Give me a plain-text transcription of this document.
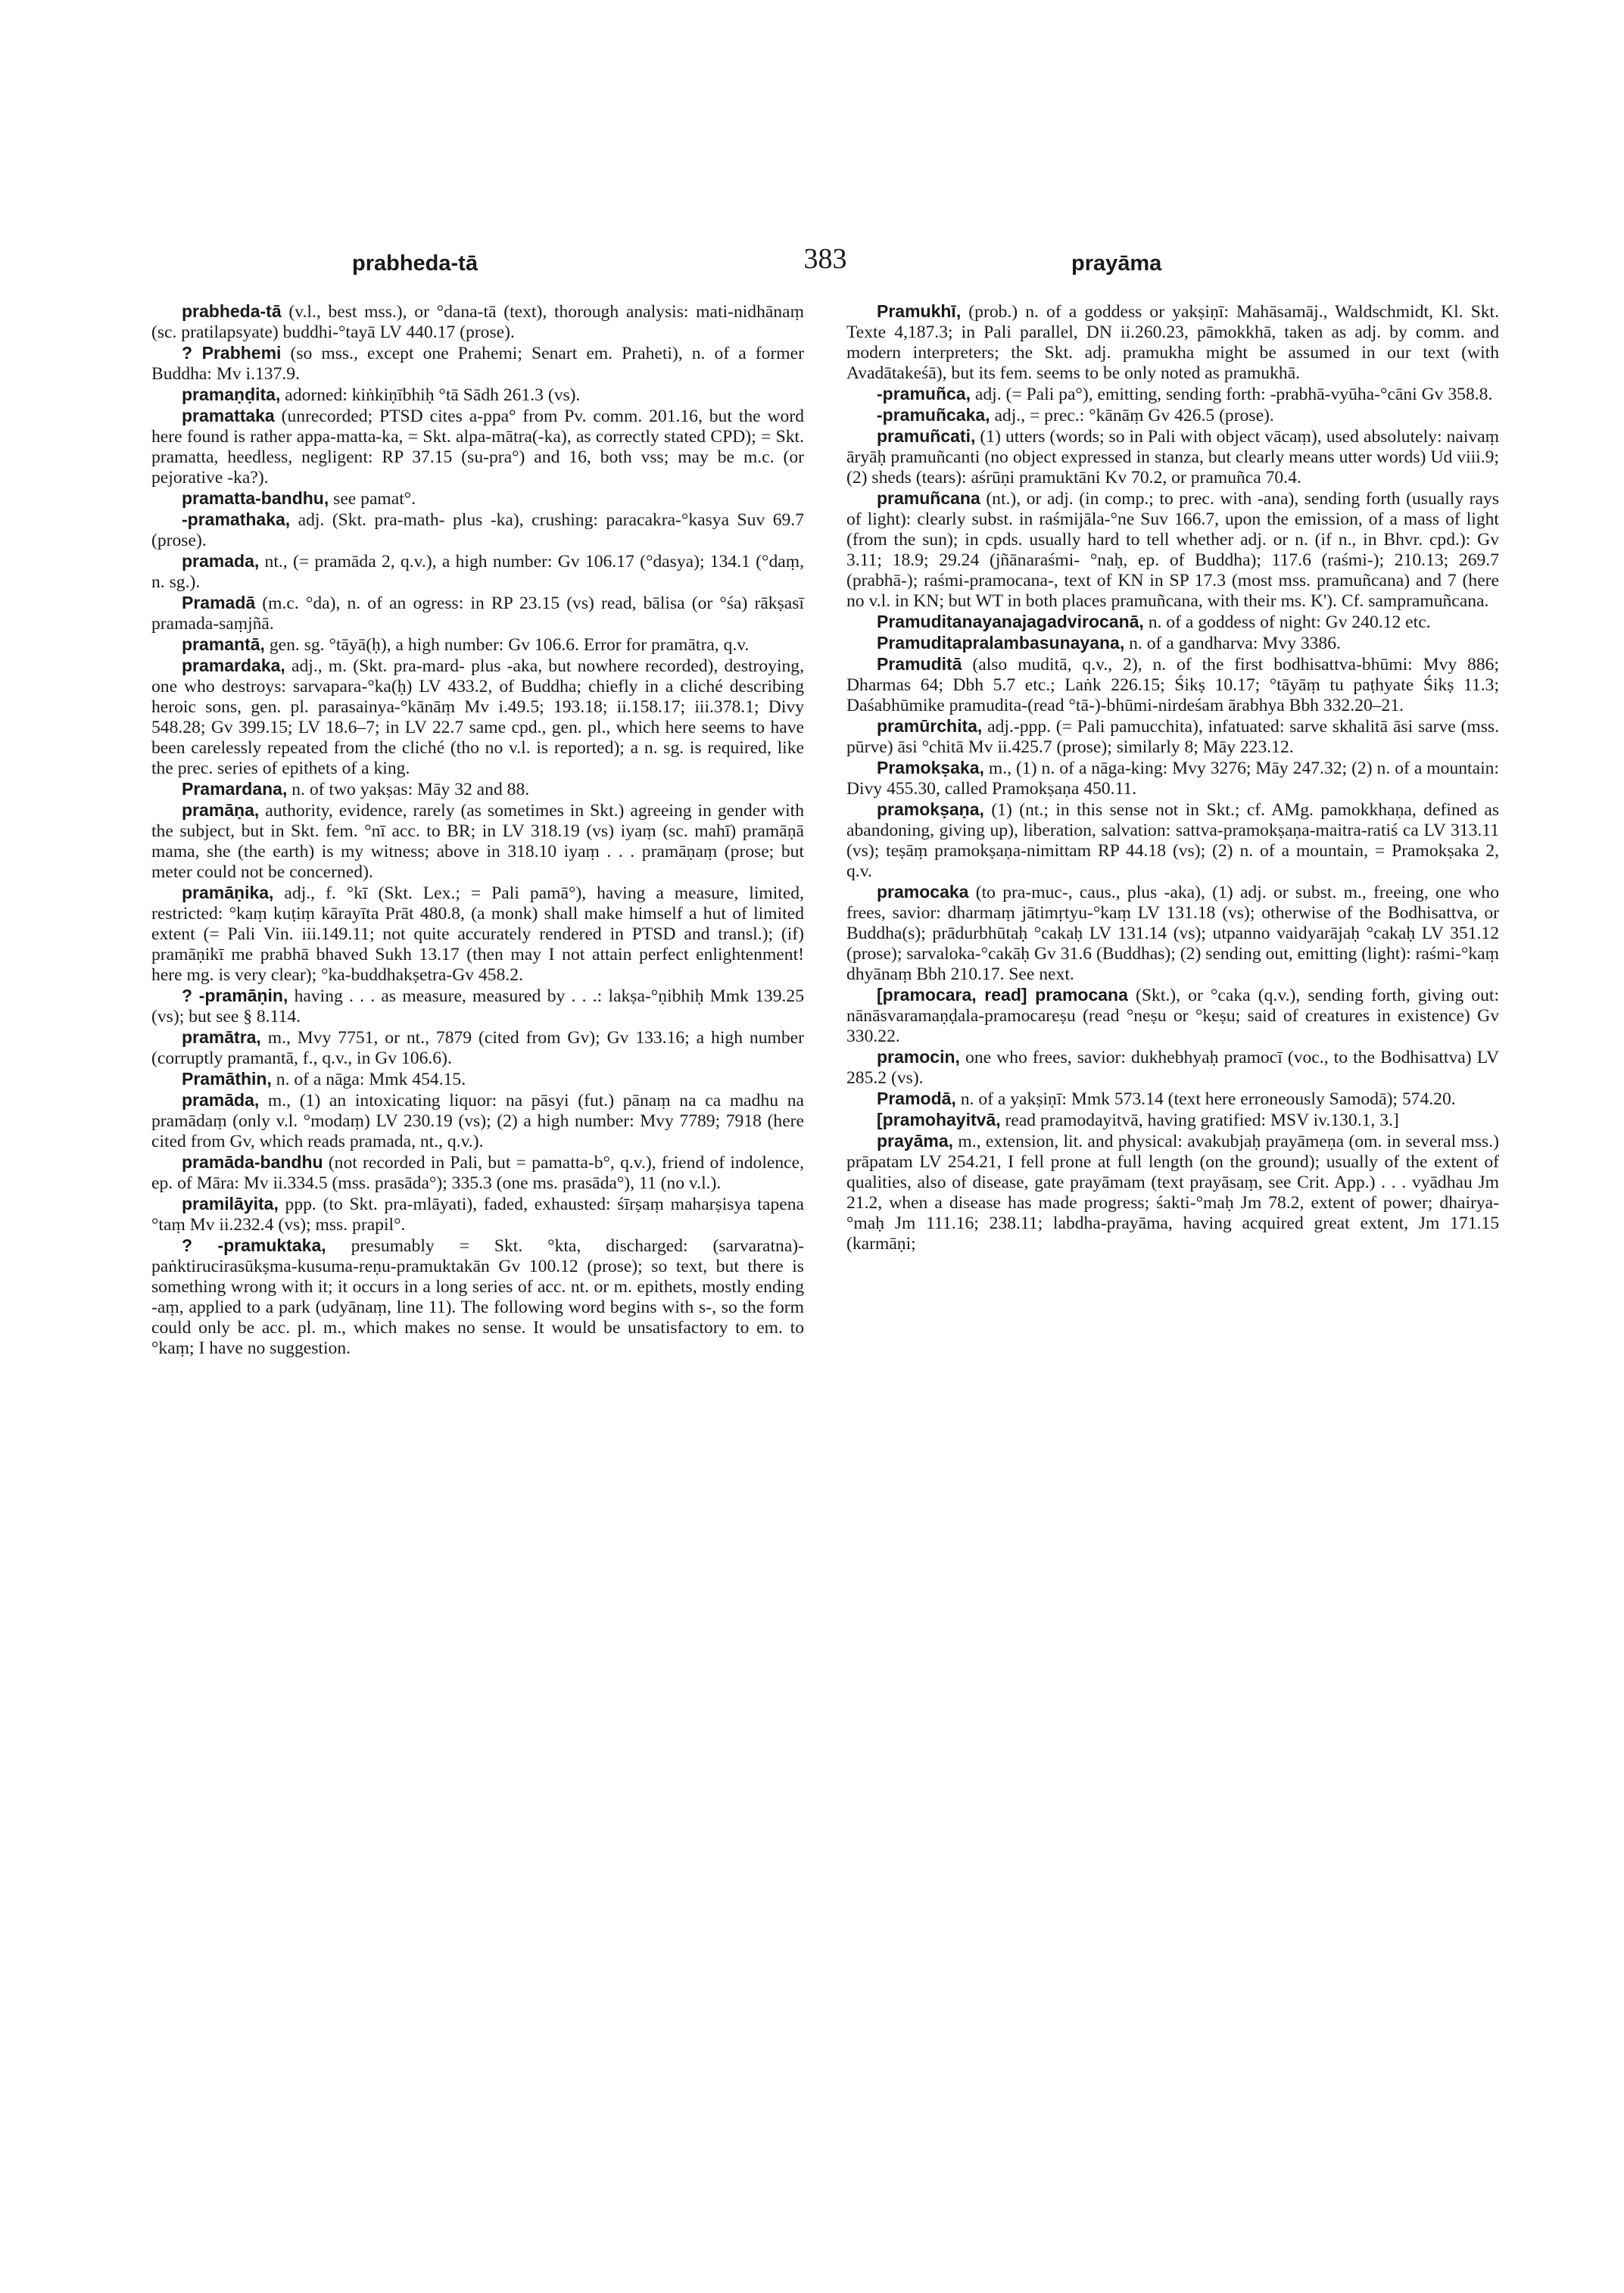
prabheda-tā	383	prayāma

prabheda-tā (v.l., best mss.), or °dana-tā (text), thorough analysis: mati-nidhānaṃ (sc. pratilapsyate) buddhi-°tayā LV 440.17 (prose).

? Prabhemi (so mss., except one Prahemi; Senart em. Praheti), n. of a former Buddha: Mv i.137.9.

pramaṇḍita, adorned: kiṅkiṇībhiḥ °tā Sādh 261.3 (vs).

pramattaka (unrecorded; PTSD cites a-ppa° from Pv. comm. 201.16, but the word here found is rather appa-matta-ka, = Skt. alpa-mātra(-ka), as correctly stated CPD); = Skt. pramatta, heedless, negligent: RP 37.15 (su-pra°) and 16, both vss; may be m.c. (or pejorative -ka?).

pramatta-bandhu, see pamat°.

-pramathaka, adj. (Skt. pra-math- plus -ka), crushing: paracakra-°kasya Suv 69.7 (prose).

pramada, nt., (= pramāda 2, q.v.), a high number: Gv 106.17 (°dasya); 134.1 (°daṃ, n. sg.).

Pramadā (m.c. °da), n. of an ogress: in RP 23.15 (vs) read, bālisa (or °śa) rākṣasī pramada-saṃjñā.

pramantā, gen. sg. °tāyā(ḥ), a high number: Gv 106.6. Error for pramātra, q.v.

pramardaka, adj., m. (Skt. pra-mard- plus -aka, but nowhere recorded), destroying, one who destroys: sarvapara-°ka(ḥ) LV 433.2, of Buddha; chiefly in a cliché describing heroic sons, gen. pl. parasainya-°kānāṃ Mv i.49.5; 193.18; ii.158.17; iii.378.1; Divy 548.28; Gv 399.15; LV 18.6–7; in LV 22.7 same cpd., gen. pl., which here seems to have been carelessly repeated from the cliché (tho no v.l. is reported); a n. sg. is required, like the prec. series of epithets of a king.

Pramardana, n. of two yakṣas: Māy 32 and 88.

pramāṇa, authority, evidence, rarely (as sometimes in Skt.) agreeing in gender with the subject, but in Skt. fem. °nī acc. to BR; in LV 318.19 (vs) iyaṃ (sc. mahī) pramāṇā mama, she (the earth) is my witness; above in 318.10 iyaṃ . . . pramāṇaṃ (prose; but meter could not be concerned).

pramāṇika, adj., f. °kī (Skt. Lex.; = Pali pamā°), having a measure, limited, restricted: °kaṃ kuṭiṃ kārayīta Prāt 480.8, (a monk) shall make himself a hut of limited extent (= Pali Vin. iii.149.11; not quite accurately rendered in PTSD and transl.); (if) pramāṇikī me prabhā bhaved Sukh 13.17 (then may I not attain perfect enlightenment! here mg. is very clear); °ka-buddhakṣetra-Gv 458.2.

? -pramāṇin, having . . . as measure, measured by . . .: lakṣa-°ṇibhiḥ Mmk 139.25 (vs); but see § 8.114.

pramātra, m., Mvy 7751, or nt., 7879 (cited from Gv); Gv 133.16; a high number (corruptly pramantā, f., q.v., in Gv 106.6).

Pramāthin, n. of a nāga: Mmk 454.15.

pramāda, m., (1) an intoxicating liquor: na pāsyi (fut.) pānaṃ na ca madhu na pramādaṃ (only v.l. °modaṃ) LV 230.19 (vs); (2) a high number: Mvy 7789; 7918 (here cited from Gv, which reads pramada, nt., q.v.).

pramāda-bandhu (not recorded in Pali, but = pamatta-b°, q.v.), friend of indolence, ep. of Māra: Mv ii.334.5 (mss. prasāda°); 335.3 (one ms. prasāda°), 11 (no v.l.).

pramilāyita, ppp. (to Skt. pra-mlāyati), faded, exhausted: śīrṣaṃ maharṣisya tapena °taṃ Mv ii.232.4 (vs); mss. prapil°.

? -pramuktaka, presumably = Skt. °kta, discharged: (sarvaratna)-paṅktirucirasūkṣma-kusuma-reṇu-pramuktakān Gv 100.12 (prose); so text, but there is something wrong with it; it occurs in a long series of acc. nt. or m. epithets, mostly ending -aṃ, applied to a park (udyānaṃ, line 11). The following word begins with s-, so the form could only be acc. pl. m., which makes no sense. It would be unsatisfactory to em. to °kaṃ; I have no suggestion.

Pramukhī, (prob.) n. of a goddess or yakṣiṇī: Mahāsamāj., Waldschmidt, Kl. Skt. Texte 4,187.3; in Pali parallel, DN ii.260.23, pāmokkhā, taken as adj. by comm. and modern interpreters; the Skt. adj. pramukha might be assumed in our text (with Avadātakeśā), but its fem. seems to be only noted as pramukhā.

-pramuñca, adj. (= Pali pa°), emitting, sending forth: -prabhā-vyūha-°cāni Gv 358.8.

-pramuñcaka, adj., = prec.: °kānāṃ Gv 426.5 (prose).

pramuñcati, (1) utters (words; so in Pali with object vācaṃ), used absolutely: naivaṃ āryāḥ pramuñcanti (no object expressed in stanza, but clearly means utter words) Ud viii.9; (2) sheds (tears): aśrūṇi pramuktāni Kv 70.2, or pramuñca 70.4.

pramuñcana (nt.), or adj. (in comp.; to prec. with -ana), sending forth (usually rays of light): clearly subst. in raśmijāla-°ne Suv 166.7, upon the emission, of a mass of light (from the sun); in cpds. usually hard to tell whether adj. or n. (if n., in Bhvr. cpd.): Gv 3.11; 18.9; 29.24 (jñānaraśmi- °naḥ, ep. of Buddha); 117.6 (raśmi-); 210.13; 269.7 (prabhā-); raśmi-pramocana-, text of KN in SP 17.3 (most mss. pramuñcana) and 7 (here no v.l. in KN; but WT in both places pramuñcana, with their ms. K'). Cf. sampramuñcana.

Pramuditanayanajagadvirocanā, n. of a goddess of night: Gv 240.12 etc.

Pramuditapralambasunayana, n. of a gandharva: Mvy 3386.

Pramuditā (also muditā, q.v., 2), n. of the first bodhisattva-bhūmi: Mvy 886; Dharmas 64; Dbh 5.7 etc.; Laṅk 226.15; Śikṣ 10.17; °tāyāṃ tu paṭhyate Śikṣ 11.3; Daśabhūmike pramudita-(read °tā-)-bhūmi-nirdeśam ārabhya Bbh 332.20–21.

pramūrchita, adj.-ppp. (= Pali pamucchita), infatuated: sarve skhalitā āsi sarve (mss. pūrve) āsi °chitā Mv ii.425.7 (prose); similarly 8; Māy 223.12.

Pramokṣaka, m., (1) n. of a nāga-king: Mvy 3276; Māy 247.32; (2) n. of a mountain: Divy 455.30, called Pramokṣaṇa 450.11.

pramokṣaṇa, (1) (nt.; in this sense not in Skt.; cf. AMg. pamokkhaṇa, defined as abandoning, giving up), liberation, salvation: sattva-pramokṣaṇa-maitra-ratiś ca LV 313.11 (vs); teṣāṃ pramokṣaṇa-nimittam RP 44.18 (vs); (2) n. of a mountain, = Pramokṣaka 2, q.v.

pramocaka (to pra-muc-, caus., plus -aka), (1) adj. or subst. m., freeing, one who frees, savior: dharmaṃ jātimṛtyu-°kaṃ LV 131.18 (vs); otherwise of the Bodhisattva, or Buddha(s); prādurbhūtaḥ °cakaḥ LV 131.14 (vs); utpanno vaidyarājaḥ °cakaḥ LV 351.12 (prose); sarvaloka-°cakāḥ Gv 31.6 (Buddhas); (2) sending out, emitting (light): raśmi-°kaṃ dhyānaṃ Bbh 210.17. See next.

[pramocara, read] pramocana (Skt.), or °caka (q.v.), sending forth, giving out: nānāsvaramaṇḍala-pramocareṣu (read °neṣu or °keṣu; said of creatures in existence) Gv 330.22.

pramocin, one who frees, savior: dukhebhyaḥ pramocī (voc., to the Bodhisattva) LV 285.2 (vs).

Pramodā, n. of a yakṣiṇī: Mmk 573.14 (text here erroneously Samodā); 574.20.

[pramohayitvā, read pramodayitvā, having gratified: MSV iv.130.1, 3.]

prayāma, m., extension, lit. and physical: avakubjaḥ prayāmeṇa (om. in several mss.) prāpatam LV 254.21, I fell prone at full length (on the ground); usually of the extent of qualities, also of disease, gate prayāmam (text prayāsaṃ, see Crit. App.) . . . vyādhau Jm 21.2, when a disease has made progress; śakti-°maḥ Jm 78.2, extent of power; dhairya-°maḥ Jm 111.16; 238.11; labdha-prayāma, having acquired great extent, Jm 171.15 (karmāṇi;
